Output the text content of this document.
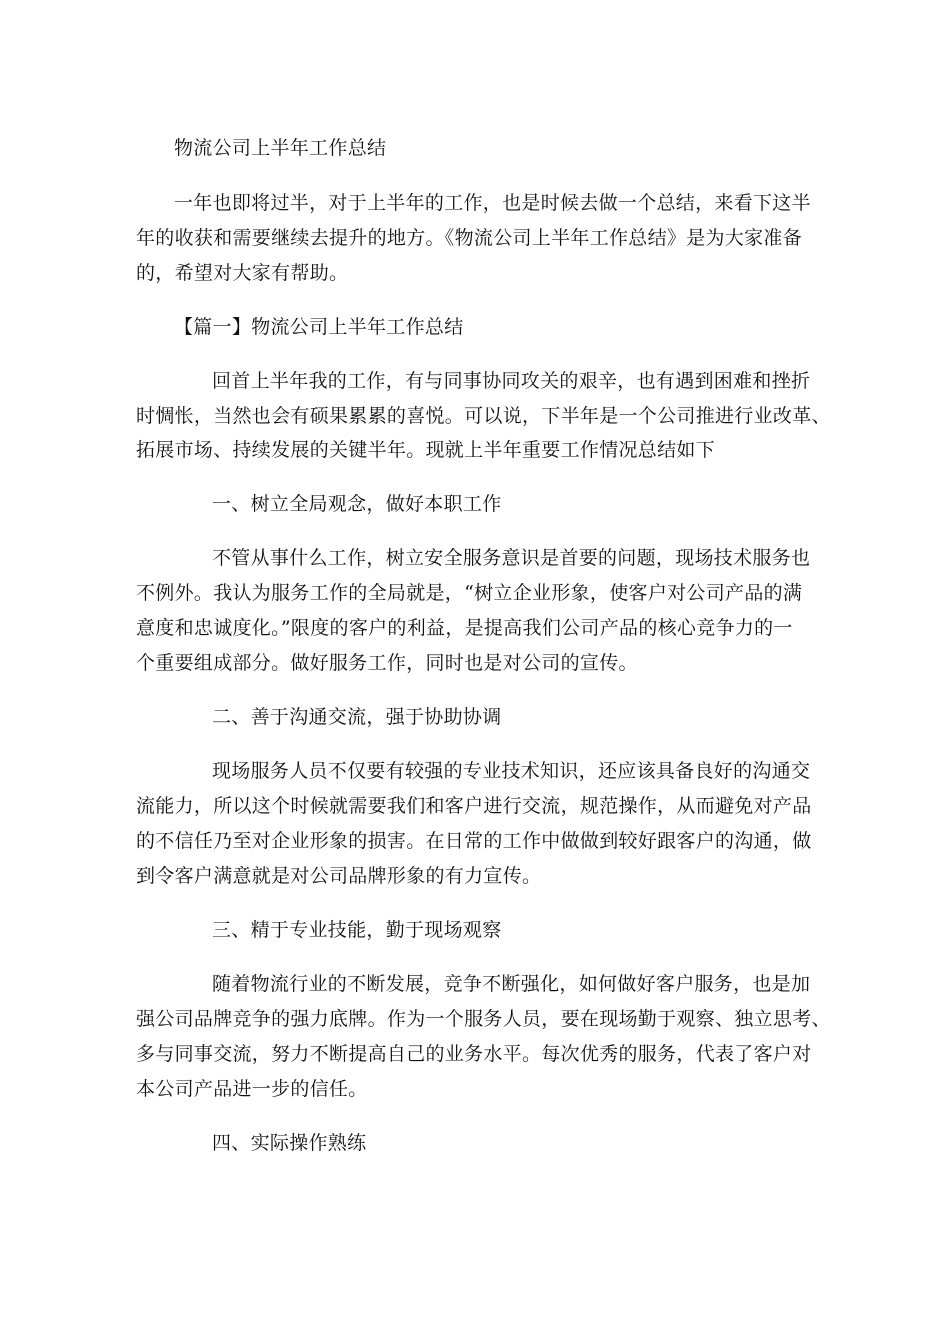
物流公司上半年工作总结

一年也即将过半，对于上半年的工作，也是时候去做一个总结，来看下这半

年的收获和需要继续去提升的地方。《物流公司上半年工作总结》是为大家准备

的，希望对大家有帮助。

【篇一】物流公司上半年工作总结

回首上半年我的工作，有与同事协同攻关的艰辛，也有遇到困难和挫折

时惆怅，当然也会有硕果累累的喜悦。可以说，下半年是一个公司推进行业改革、

拓展市场、持续发展的关键半年。现就上半年重要工作情况总结如下

一、树立全局观念，做好本职工作

不管从事什么工作，树立安全服务意识是首要的问题，现场技术服务也

不例外。我认为服务工作的全局就是，“树立企业形象，使客户对公司产品的满

意度和忠诚度化。”限度的客户的利益，是提高我们公司产品的核心竞争力的一

个重要组成部分。做好服务工作，同时也是对公司的宣传。

二、善于沟通交流，强于协助协调

现场服务人员不仅要有较强的专业技术知识，还应该具备良好的沟通交

流能力，所以这个时候就需要我们和客户进行交流，规范操作，从而避免对产品

的不信任乃至对企业形象的损害。在日常的工作中做做到较好跟客户的沟通，做

到令客户满意就是对公司品牌形象的有力宣传。

三、精于专业技能，勤于现场观察

随着物流行业的不断发展，竞争不断强化，如何做好客户服务，也是加

强公司品牌竞争的强力底牌。作为一个服务人员，要在现场勤于观察、独立思考、

多与同事交流，努力不断提高自己的业务水平。每次优秀的服务，代表了客户对

本公司产品进一步的信任。

四、实际操作熟练
